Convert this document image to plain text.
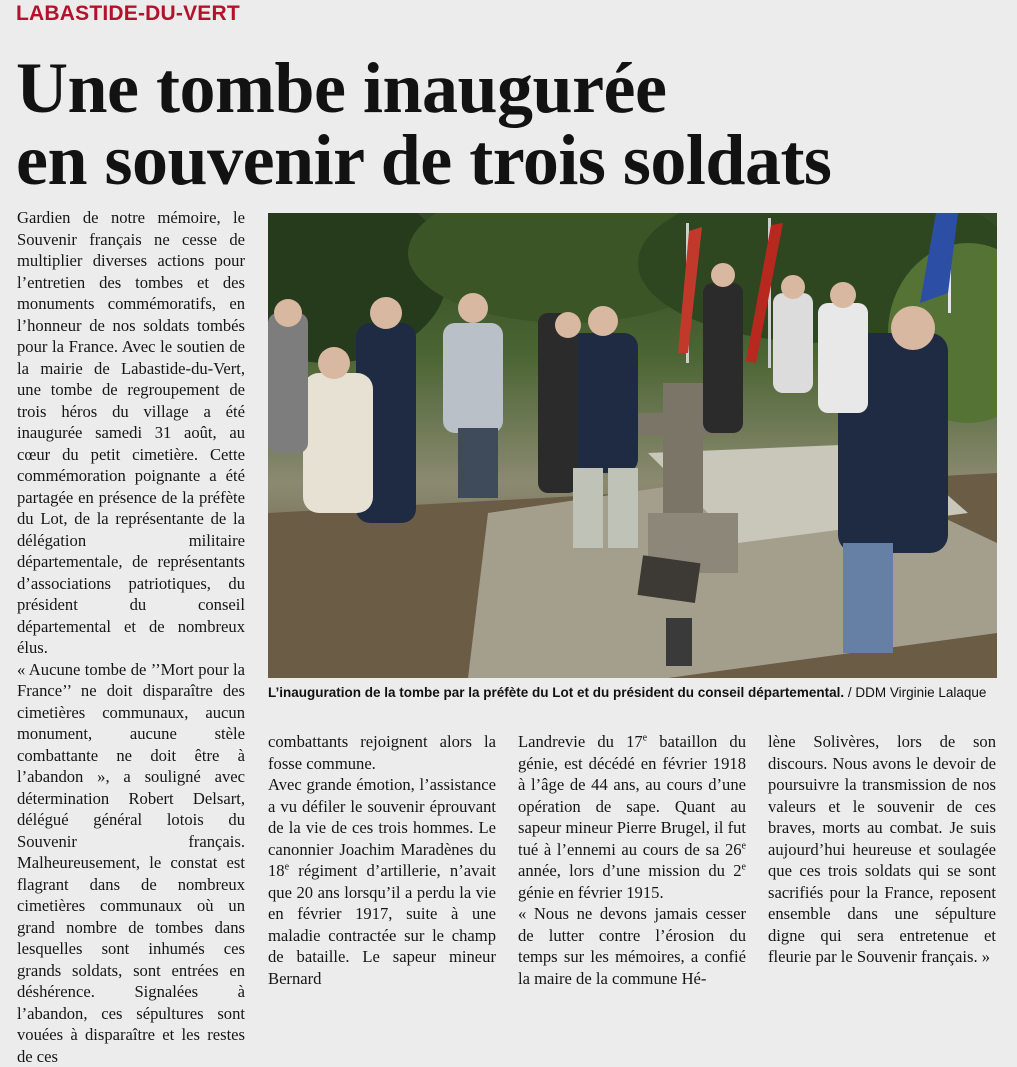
LABASTIDE-DU-VERT
Une tombe inaugurée
en souvenir de trois soldats

Gardien de notre mémoire, le Souvenir français ne cesse de multiplier diverses actions pour l’entretien des tombes et des monuments commémoratifs, en l’honneur de nos soldats tombés pour la France. Avec le soutien de la mairie de Labastide-du-Vert, une tombe de regroupement de trois héros du village a été inaugurée samedi 31 août, au cœur du petit cimetière. Cette commémoration poignante a été partagée en présence de la préfète du Lot, de la représentante de la délégation militaire départementale, de représentants d’associations patriotiques, du président du conseil départemental et de nombreux élus.

« Aucune tombe de ’’Mort pour la France’’ ne doit disparaître des cimetières communaux, aucun monument, aucune stèle combattante ne doit être à l’abandon », a souligné avec détermination Robert Delsart, délégué général lotois du Souvenir français. Malheureusement, le constat est flagrant dans de nombreux cimetières communaux où un grand nombre de tombes dans lesquelles sont inhumés ces grands soldats, sont entrées en déshérence. Signalées à l’abandon, ces sépultures sont vouées à disparaître et les restes de ces

L’inauguration de la tombe par la préfète du Lot et du président du conseil départemental. / DDM Virginie Lalaque

combattants rejoignent alors la fosse commune.

Avec grande émotion, l’assistance a vu défiler le souvenir éprouvant de la vie de ces trois hommes. Le canonnier Joachim Maradènes du 18e régiment d’artillerie, n’avait que 20 ans lorsqu’il a perdu la vie en février 1917, suite à une maladie contractée sur le champ de bataille. Le sapeur mineur Bernard

Landrevie du 17e bataillon du génie, est décédé en février 1918 à l’âge de 44 ans, au cours d’une opération de sape. Quant au sapeur mineur Pierre Brugel, il fut tué à l’ennemi au cours de sa 26e année, lors d’une mission du 2e génie en février 1915.

« Nous ne devons jamais cesser de lutter contre l’érosion du temps sur les mémoires, a confié la maire de la commune Hé-

lène Solivères, lors de son discours. Nous avons le devoir de poursuivre la transmission de nos valeurs et le souvenir de ces braves, morts au combat. Je suis aujourd’hui heureuse et soulagée que ces trois soldats qui se sont sacrifiés pour la France, reposent ensemble dans une sépulture digne qui sera entretenue et fleurie par le Souvenir français. »
